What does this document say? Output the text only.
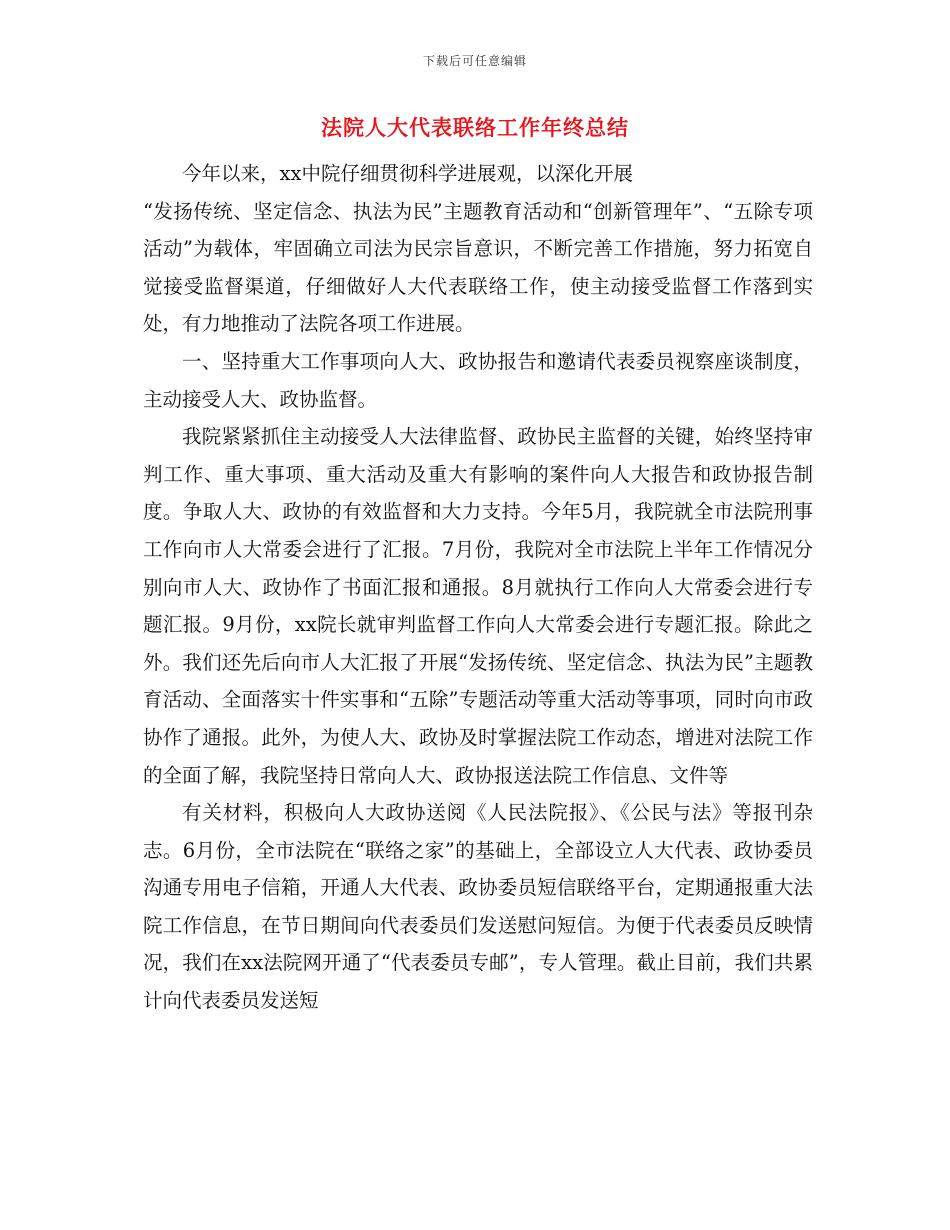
下载后可任意编辑
法院人大代表联络工作年终总结

今年以来，xx中院仔细贯彻科学进展观，以深化开展

“发扬传统、坚定信念、执法为民”主题教育活动和“创新管理年”、“五除专项活动”为载体，牢固确立司法为民宗旨意识，不断完善工作措施，努力拓宽自觉接受监督渠道，仔细做好人大代表联络工作，使主动接受监督工作落到实处，有力地推动了法院各项工作进展。

一、坚持重大工作事项向人大、政协报告和邀请代表委员视察座谈制度，主动接受人大、政协监督。

我院紧紧抓住主动接受人大法律监督、政协民主监督的关键，始终坚持审判工作、重大事项、重大活动及重大有影响的案件向人大报告和政协报告制度。争取人大、政协的有效监督和大力支持。今年5月，我院就全市法院刑事工作向市人大常委会进行了汇报。7月份，我院对全市法院上半年工作情况分别向市人大、政协作了书面汇报和通报。8月就执行工作向人大常委会进行专题汇报。9月份，xx院长就审判监督工作向人大常委会进行专题汇报。除此之外。我们还先后向市人大汇报了开展“发扬传统、坚定信念、执法为民”主题教育活动、全面落实十件实事和“五除”专题活动等重大活动等事项，同时向市政协作了通报。此外，为使人大、政协及时掌握法院工作动态，增进对法院工作的全面了解，我院坚持日常向人大、政协报送法院工作信息、文件等

有关材料，积极向人大政协送阅《人民法院报》、《公民与法》等报刊杂志。6月份，全市法院在“联络之家”的基础上，全部设立人大代表、政协委员沟通专用电子信箱，开通人大代表、政协委员短信联络平台，定期通报重大法院工作信息，在节日期间向代表委员们发送慰问短信。为便于代表委员反映情况，我们在xx法院网开通了“代表委员专邮”，专人管理。截止目前，我们共累计向代表委员发送短
